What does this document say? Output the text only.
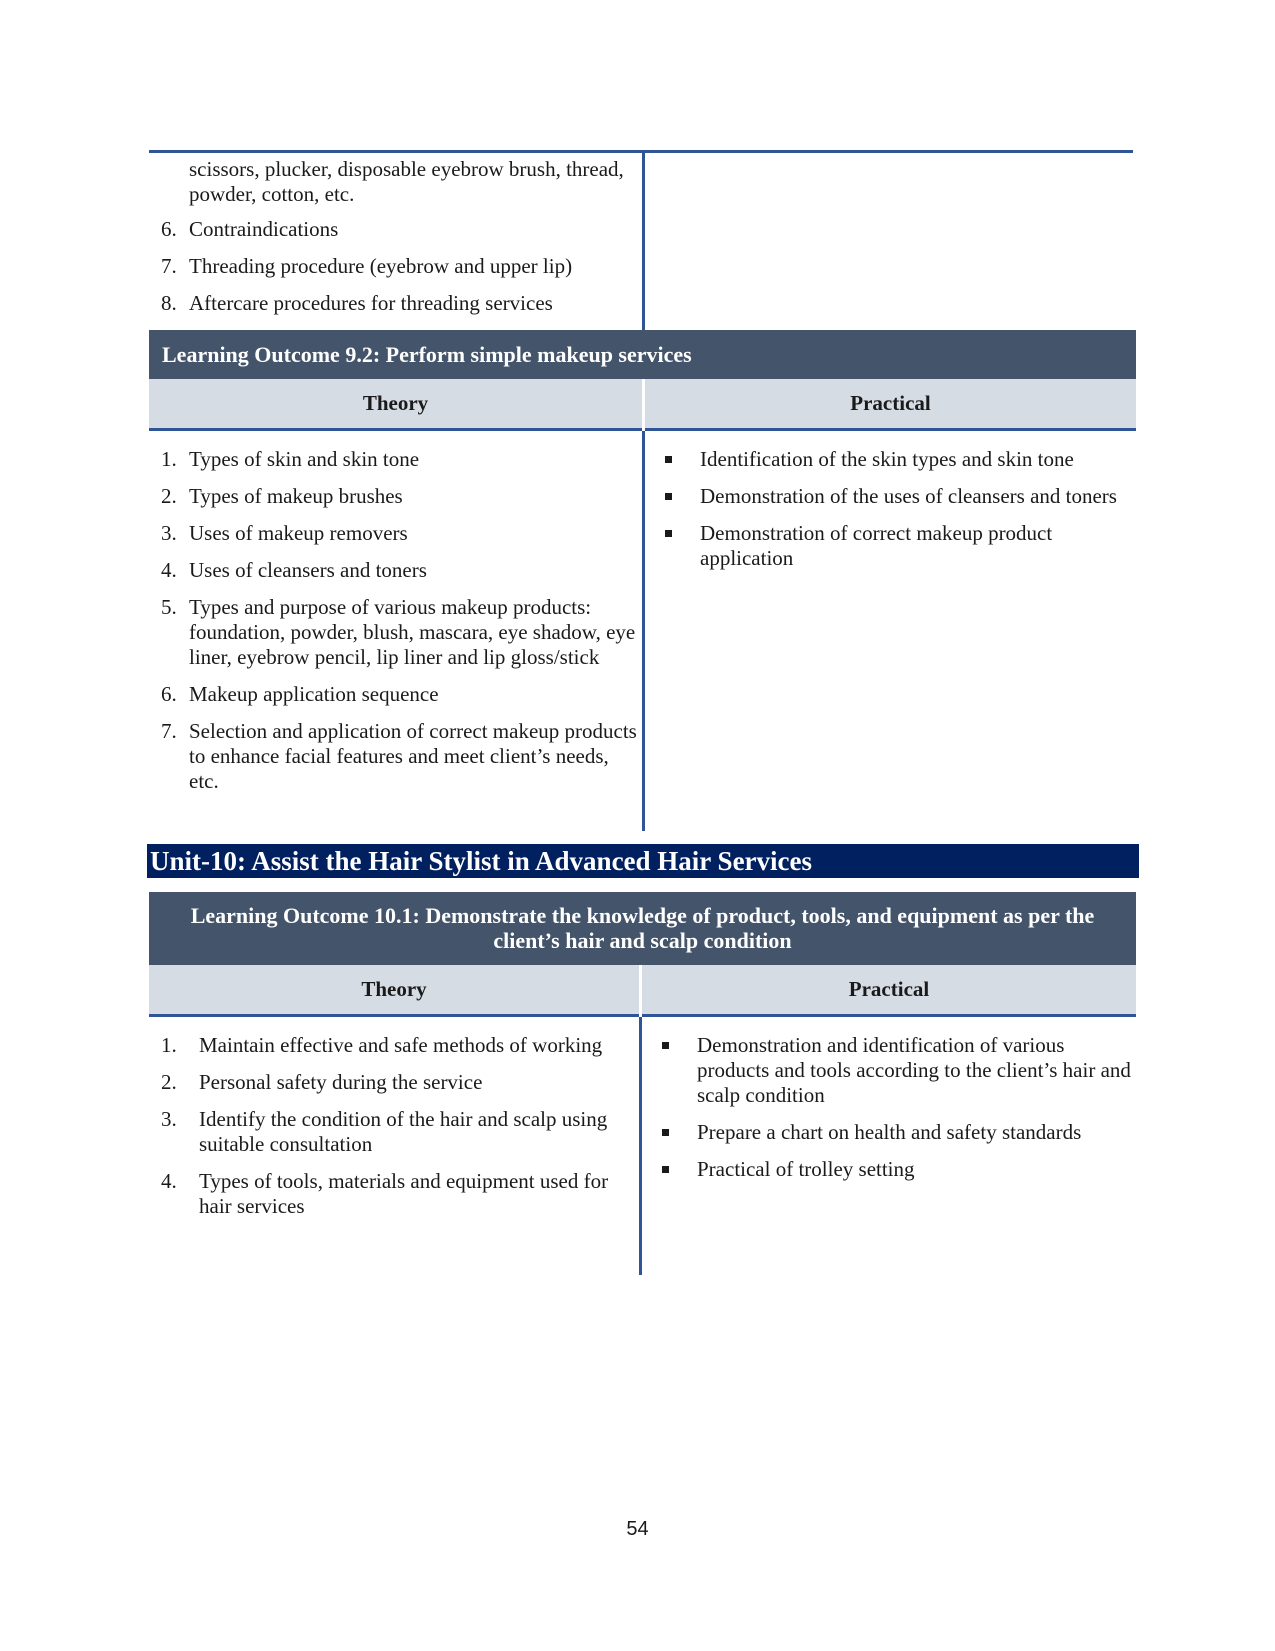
scissors, plucker, disposable eyebrow brush, thread, powder, cotton, etc.
6. Contraindications
7. Threading procedure (eyebrow and upper lip)
8. Aftercare procedures for threading services
Learning Outcome 9.2: Perform simple makeup services
Theory	Practical
1. Types of skin and skin tone
2. Types of makeup brushes
3. Uses of makeup removers
4. Uses of cleansers and toners
5. Types and purpose of various makeup products: foundation, powder, blush, mascara, eye shadow, eye liner, eyebrow pencil, lip liner and lip gloss/stick
6. Makeup application sequence
7. Selection and application of correct makeup products to enhance facial features and meet client’s needs, etc.
Identification of the skin types and skin tone
Demonstration of the uses of cleansers and toners
Demonstration of correct makeup product application
Unit-10: Assist the Hair Stylist in Advanced Hair Services
Learning Outcome 10.1: Demonstrate the knowledge of product, tools, and equipment as per the client’s hair and scalp condition
Theory	Practical
1. Maintain effective and safe methods of working
2. Personal safety during the service
3. Identify the condition of the hair and scalp using suitable consultation
4. Types of tools, materials and equipment used for hair services
Demonstration and identification of various products and tools according to the client’s hair and scalp condition
Prepare a chart on health and safety standards
Practical of trolley setting
54
